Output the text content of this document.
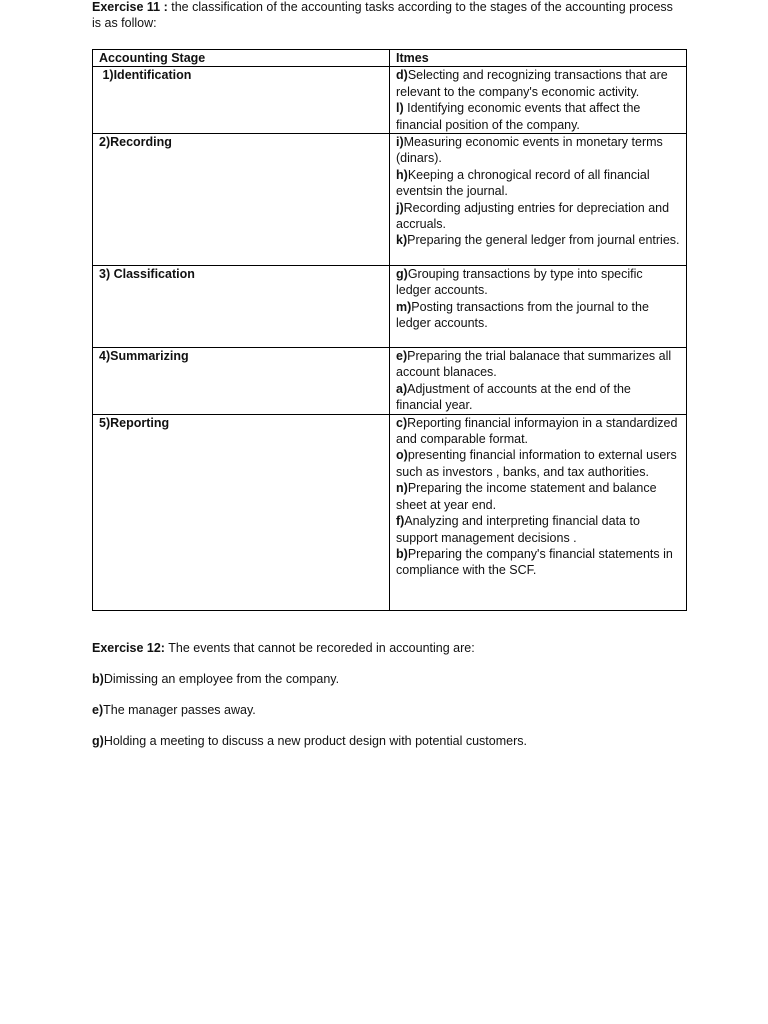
Exercise 11 : the classification of the accounting tasks according to the stages of the accounting process is as follow:

Accounting Stage	Itmes
1)Identification	d)Selecting and recognizing transactions that are relevant to the company's economic activity.
l) Identifying economic events that affect the financial position of the company.

2)Recording	i)Measuring economic events in monetary terms (dinars).
h)Keeping a chronogical record of all financial eventsin the journal.
j)Recording adjusting entries for depreciation and accruals.
k)Preparing the general ledger from journal entries.

3) Classification	g)Grouping transactions by type into specific ledger accounts.
m)Posting transactions from the journal to the ledger accounts.

4)Summarizing	e)Preparing the trial balanace that summarizes all account blanaces.
a)Adjustment of accounts at the end of the financial year.

5)Reporting	c)Reporting financial informayion in a standardized and comparable format.
o)presenting financial information to external users such as investors , banks, and tax authorities.
n)Preparing the income statement and balance sheet at year end.
f)Analyzing and interpreting financial data to support management decisions .
b)Preparing the company's financial statements in compliance with the SCF.

Exercise 12: The events that cannot be recoreded in accounting are:

b)Dimissing an employee from the company.

e)The manager passes away.

g)Holding a meeting to discuss a new product design with potential customers.
